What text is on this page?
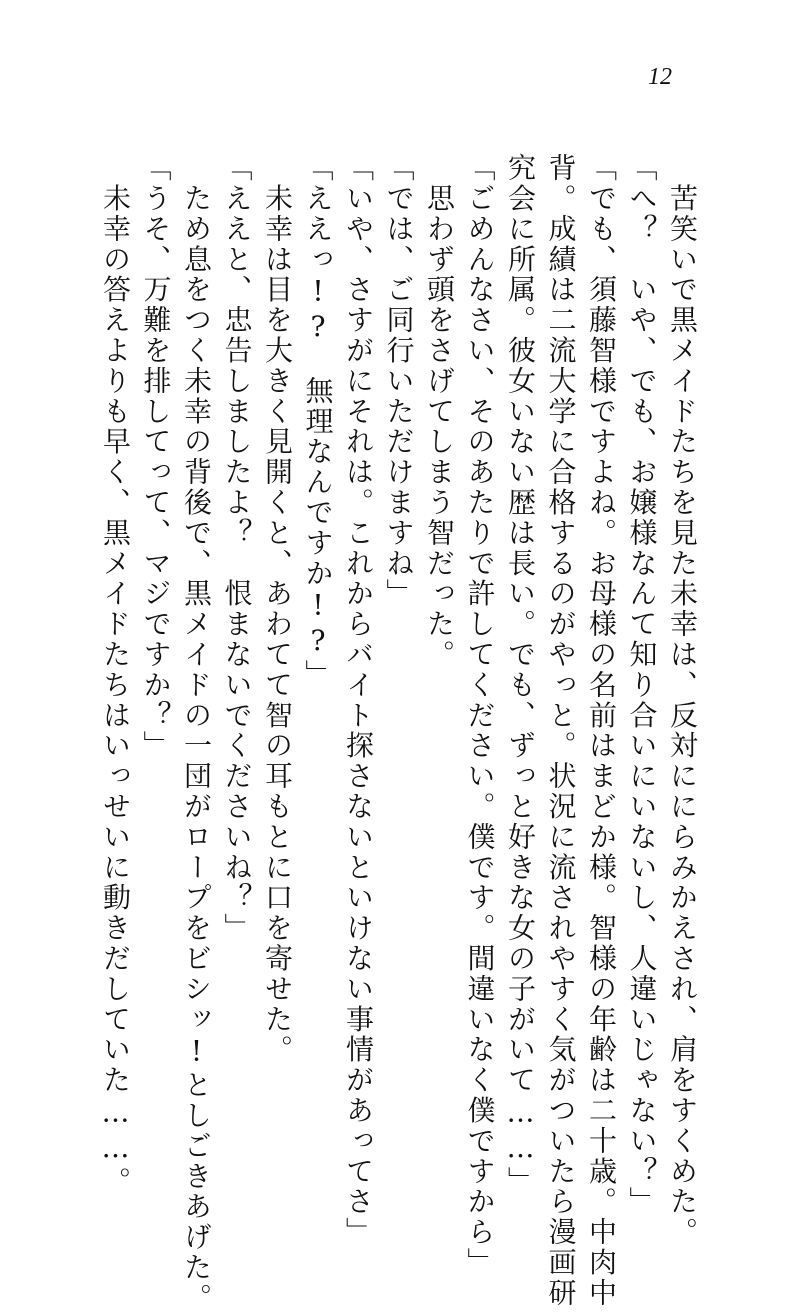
12
　苦笑いで黒メイドたちを見た未幸は、反対ににらみかえされ、肩をすくめた。
「へ？　いや、でも、お嬢様なんて知り合いにいないし、人違いじゃない？」
「でも、須藤智様ですよね。お母様の名前はまどか様。智様の年齢は二十歳。中肉中
背。成績は二流大学に合格するのがやっと。状況に流されやすく気がついたら漫画研
究会に所属。彼女いない歴は長い。でも、ずっと好きな女の子がいて……」
「ごめんなさい、そのあたりで許してください。僕です。間違いなく僕ですから」
　思わず頭をさげてしまう智だった。
「では、ご同行いただけますね」
「いや、さすがにそれは。これからバイト探さないといけない事情があってさ」
「ええっ!?　無理なんですか!?」
　未幸は目を大きく見開くと、あわてて智の耳もとに口を寄せた。
「ええと、忠告しましたよ？　恨まないでくださいね？」
　ため息をつく未幸の背後で、黒メイドの一団がロープをビシッ!としごきあげた。
「うそ、万難を排してって、マジですか？」
　未幸の答えよりも早く、黒メイドたちはいっせいに動きだしていた……。
